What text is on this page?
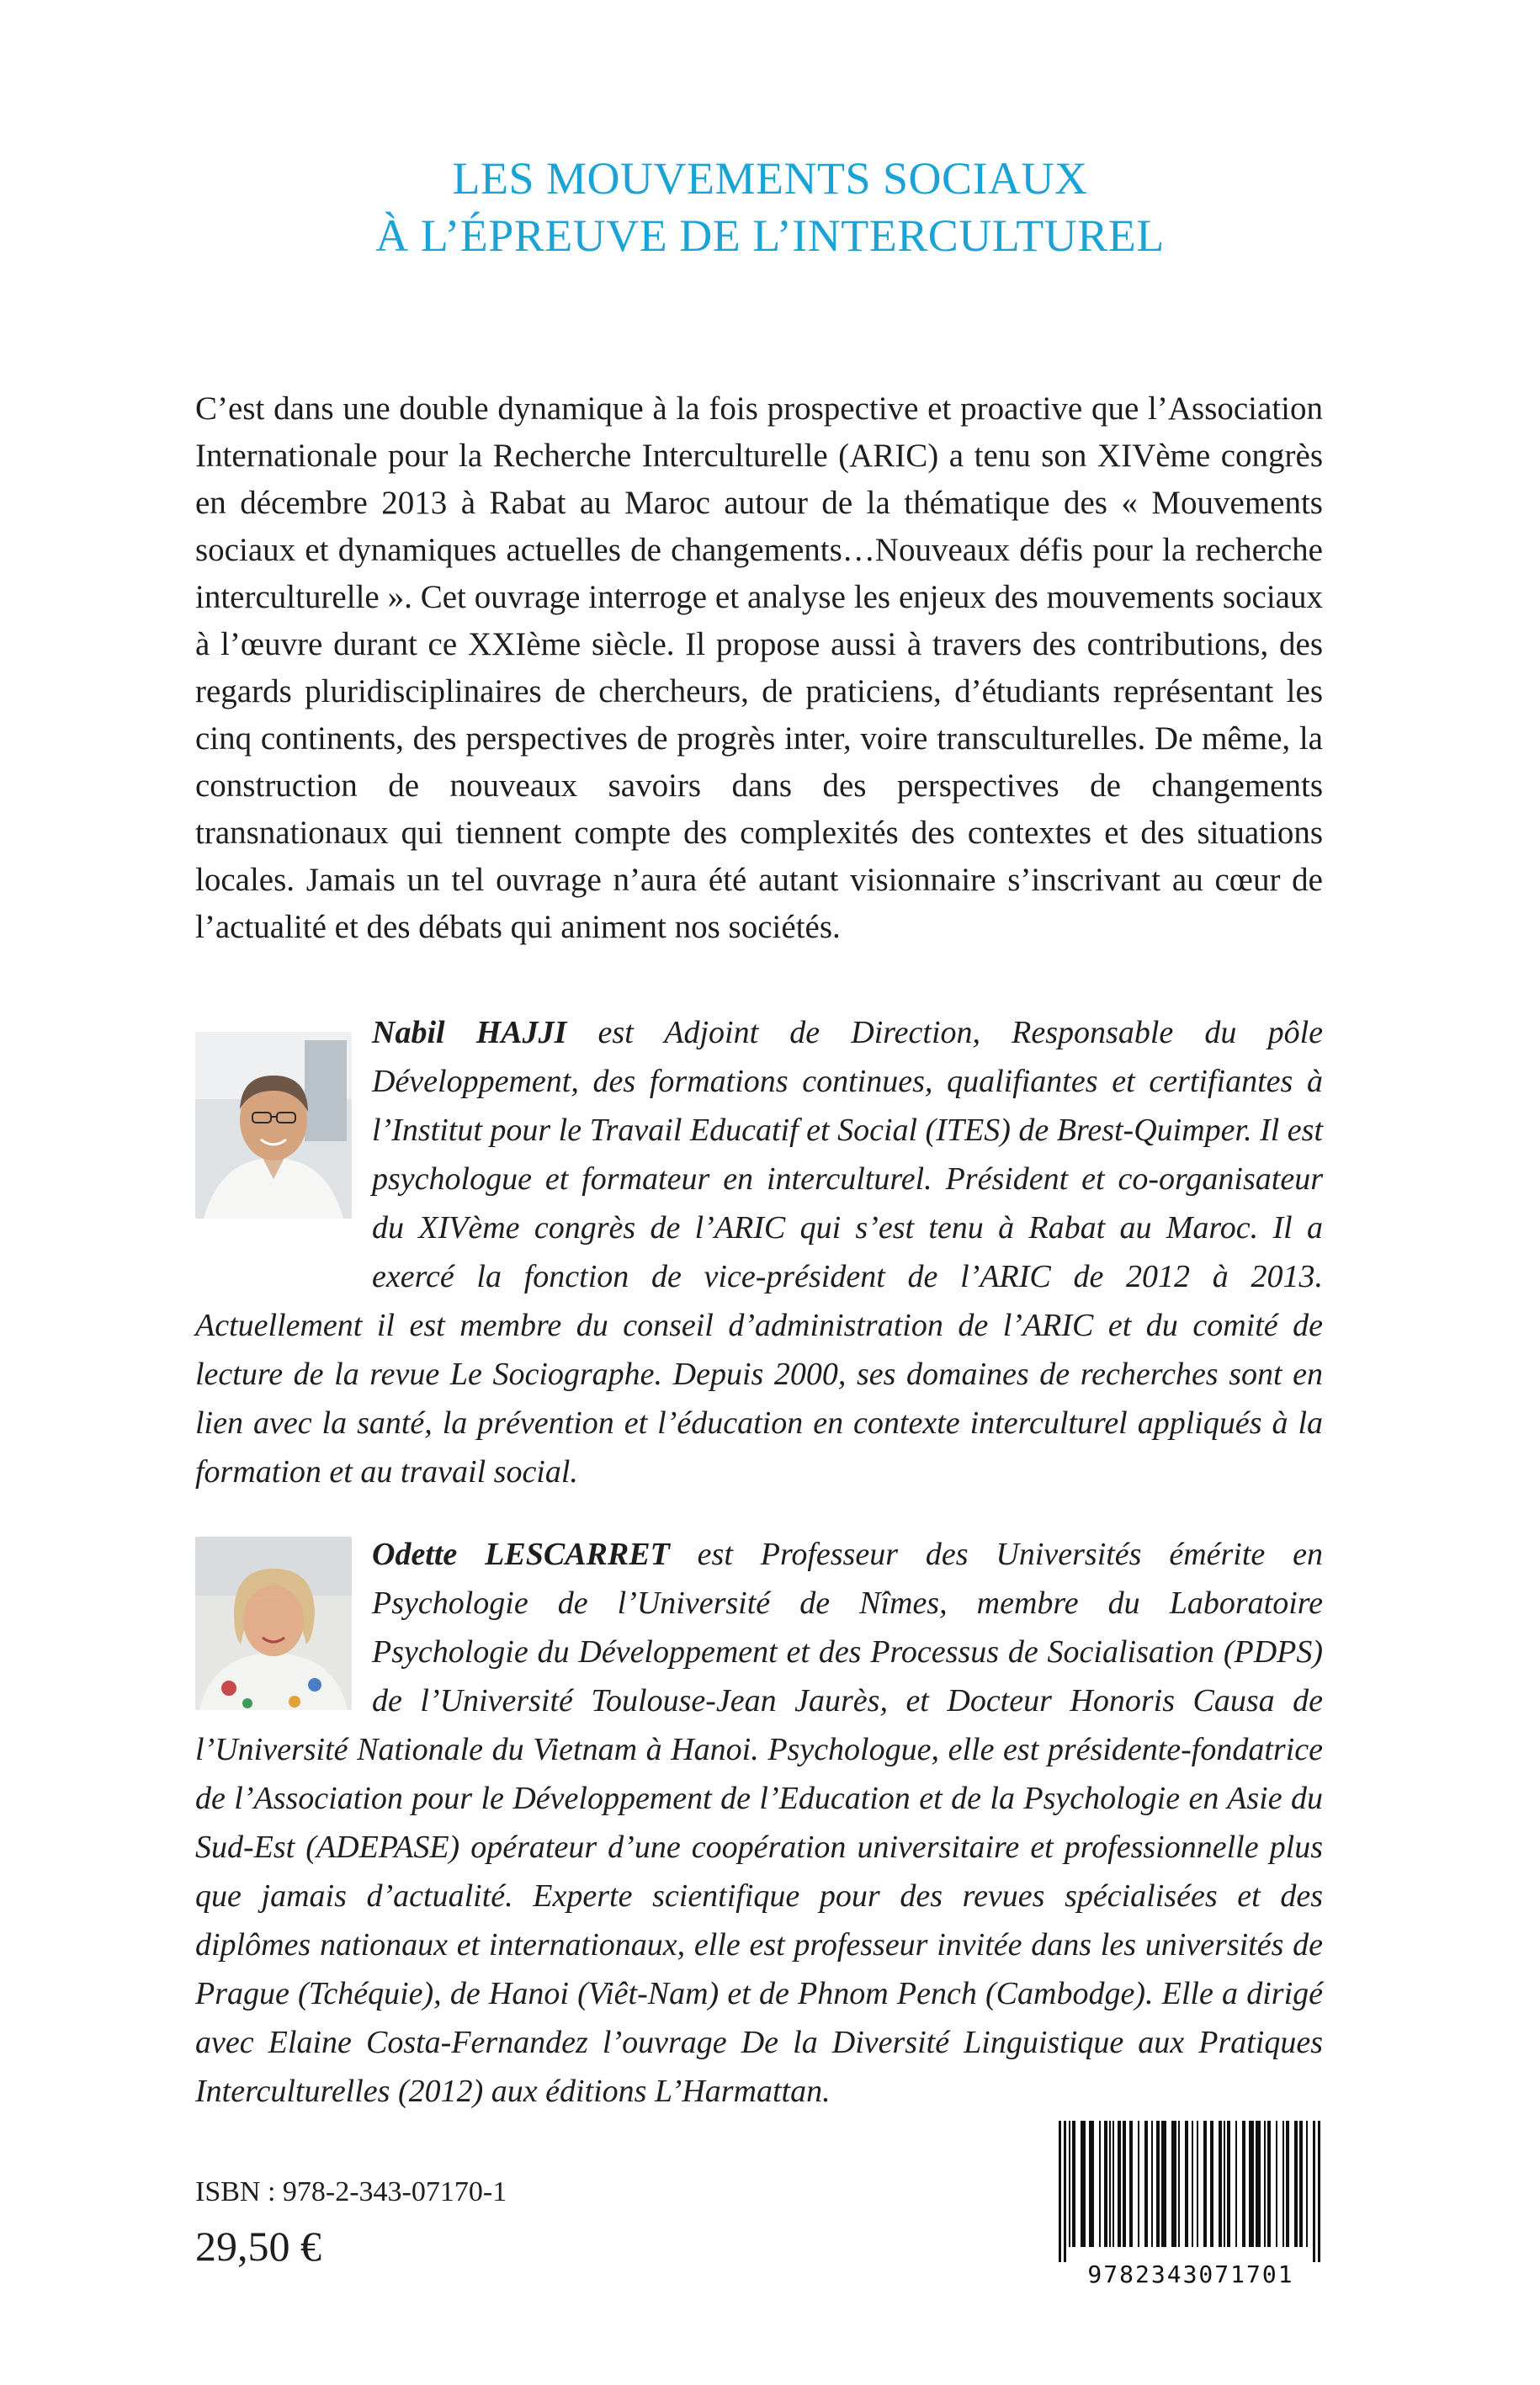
LES MOUVEMENTS SOCIAUX
À L’ÉPREUVE DE L’INTERCULTUREL

C’est dans une double dynamique à la fois prospective et proactive que l’Association Internationale pour la Recherche Interculturelle (ARIC) a tenu son XIVème congrès en décembre 2013 à Rabat au Maroc autour de la thématique des « Mouvements sociaux et dynamiques actuelles de changements…Nouveaux défis pour la recherche interculturelle ». Cet ouvrage interroge et analyse les enjeux des mouvements sociaux à l’œuvre durant ce XXIème siècle. Il propose aussi à travers des contributions, des regards pluridisciplinaires de chercheurs, de praticiens, d’étudiants représentant les cinq continents, des perspectives de progrès inter, voire transculturelles. De même, la construction de nouveaux savoirs dans des perspectives de changements transnationaux qui tiennent compte des complexités des contextes et des situations locales. Jamais un tel ouvrage n’aura été autant visionnaire s’inscrivant au cœur de l’actualité et des débats qui animent nos sociétés.

Nabil HAJJI est Adjoint de Direction, Responsable du pôle Développement, des formations continues, qualifiantes et certifiantes à l’Institut pour le Travail Educatif et Social (ITES) de Brest-Quimper. Il est psychologue et formateur en interculturel. Président et co-organisateur du XIVème congrès de l’ARIC qui s’est tenu à Rabat au Maroc. Il a exercé la fonction de vice-président de l’ARIC de 2012 à 2013. Actuellement il est membre du conseil d’administration de l’ARIC et du comité de lecture de la revue Le Sociographe. Depuis 2000, ses domaines de recherches sont en lien avec la santé, la prévention et l’éducation en contexte interculturel appliqués à la formation et au travail social.

Odette LESCARRET est Professeur des Universités émérite en Psychologie de l’Université de Nîmes, membre du Laboratoire Psychologie du Développement et des Processus de Socialisation (PDPS) de l’Université Toulouse-Jean Jaurès, et Docteur Honoris Causa de l’Université Nationale du Vietnam à Hanoi. Psychologue, elle est présidente-fondatrice de l’Association pour le Développement de l’Education et de la Psychologie en Asie du Sud-Est (ADEPASE) opérateur d’une coopération universitaire et professionnelle plus que jamais d’actualité. Experte scientifique pour des revues spécialisées et des diplômes nationaux et internationaux, elle est professeur invitée dans les universités de Prague (Tchéquie), de Hanoi (Viêt-Nam) et de Phnom Pench (Cambodge). Elle a dirigé avec Elaine Costa-Fernandez l’ouvrage De la Diversité Linguistique aux Pratiques Interculturelles (2012) aux éditions L’Harmattan.

ISBN : 978-2-343-07170-1
29,50 €
9782343071701
